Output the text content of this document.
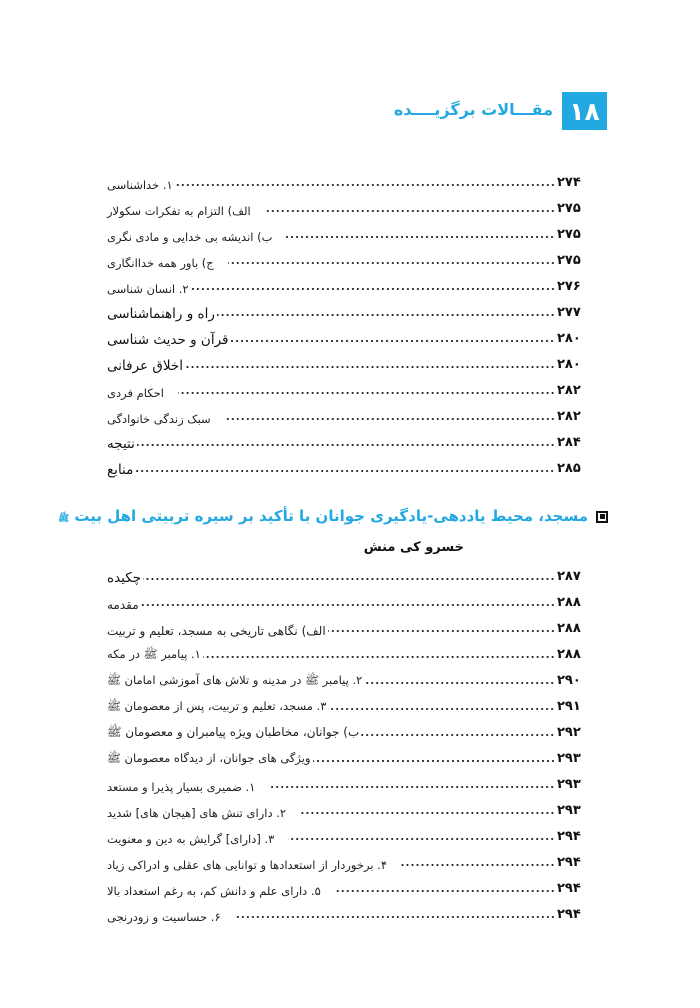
۱۸
مقـــالات برگزیــــده
۱. خداشناسی	۲۷۴
الف) التزام به تفکرات سکولار	۲۷۵
ب) اندیشه بی خدایی و مادی نگری	۲۷۵
ج) باور همه خداانگاری	۲۷۵
۲. انسان شناسی	۲۷۶
راه و راهنماشناسی	۲۷۷
قرآن و حدیث شناسی	۲۸۰
اخلاق عرفانی	۲۸۰
احکام فردی	۲۸۲
سبک زندگی خانوادگی	۲۸۲
نتیجه	۲۸۴
منابع	۲۸۵
مسجد، محیط یاددهی-یادگیری جوانان با تأکید بر سیره تربیتی اهل بیت ﷺ
خسرو کی منش
چکیده	۲۸۷
مقدمه	۲۸۸
الف) نگاهی تاریخی به مسجد، تعلیم و تربیت	۲۸۸
۱. پیامبر ﷺ در مکه	۲۸۸
۲. پیامبر ﷺ در مدینه و تلاش های آموزشی امامان ﷺ	۲۹۰
۳. مسجد، تعلیم و تربیت، پس از معصومان ﷺ	۲۹۱
ب) جوانان، مخاطبان ویژه پیامبران و معصومان ﷺ	۲۹۲
ویژگی های جوانان، از دیدگاه معصومان ﷺ	۲۹۳
۱. ضمیری بسیار پذیرا و مستعد	۲۹۳
۲. دارای تنش های [هیجان های] شدید	۲۹۳
۳. [دارای] گرایش به دین و معنویت	۲۹۴
۴. برخوردار از استعدادها و توانایی های عقلی و ادراکی زیاد	۲۹۴
۵. دارای علم و دانش کم، به رغم استعداد بالا	۲۹۴
۶. حساسیت و زودرنجی	۲۹۴
